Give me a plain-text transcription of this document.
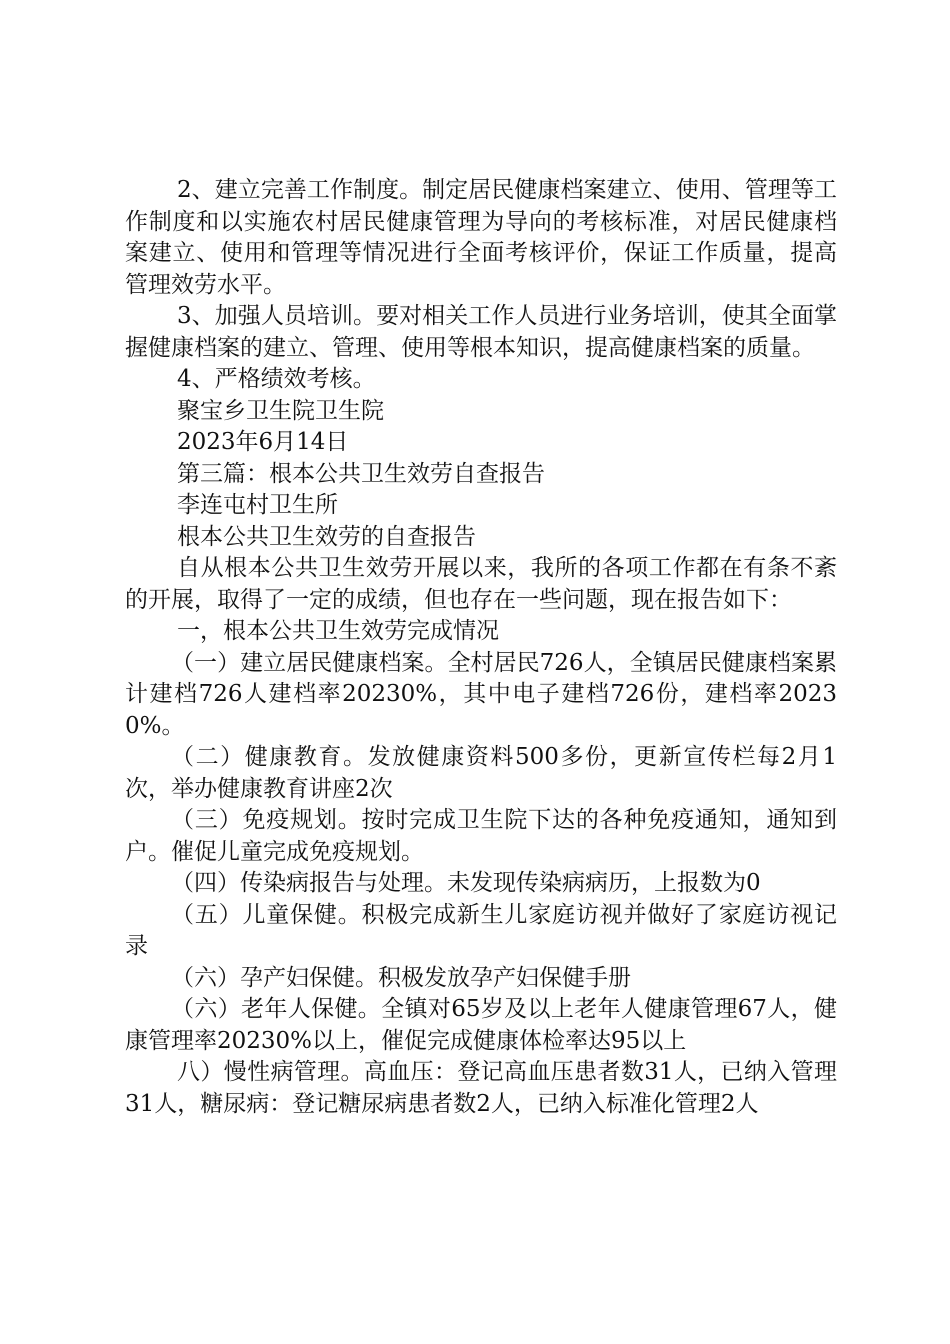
2、建立完善工作制度。制定居民健康档案建立、使用、管理等工作制度和以实施农村居民健康管理为导向的考核标准，对居民健康档案建立、使用和管理等情况进行全面考核评价，保证工作质量，提高管理效劳水平。

3、加强人员培训。要对相关工作人员进行业务培训，使其全面掌握健康档案的建立、管理、使用等根本知识，提高健康档案的质量。

4、严格绩效考核。

聚宝乡卫生院卫生院

2023年6月14日

第三篇：根本公共卫生效劳自查报告

李连屯村卫生所

根本公共卫生效劳的自查报告

自从根本公共卫生效劳开展以来，我所的各项工作都在有条不紊的开展，取得了一定的成绩，但也存在一些问题，现在报告如下：

一，根本公共卫生效劳完成情况

（一）建立居民健康档案。全村居民726人，全镇居民健康档案累计建档726人建档率20230%，其中电子建档726份，建档率20230%。

（二）健康教育。发放健康资料500多份，更新宣传栏每2月1次，举办健康教育讲座2次

（三）免疫规划。按时完成卫生院下达的各种免疫通知，通知到户。催促儿童完成免疫规划。

（四）传染病报告与处理。未发现传染病病历，上报数为0

（五）儿童保健。积极完成新生儿家庭访视并做好了家庭访视记录

（六）孕产妇保健。积极发放孕产妇保健手册

（六）老年人保健。全镇对65岁及以上老年人健康管理67人，健康管理率20230%以上，催促完成健康体检率达95以上

八）慢性病管理。高血压：登记高血压患者数31人，已纳入管理31人，糖尿病：登记糖尿病患者数2人，已纳入标准化管理2人
